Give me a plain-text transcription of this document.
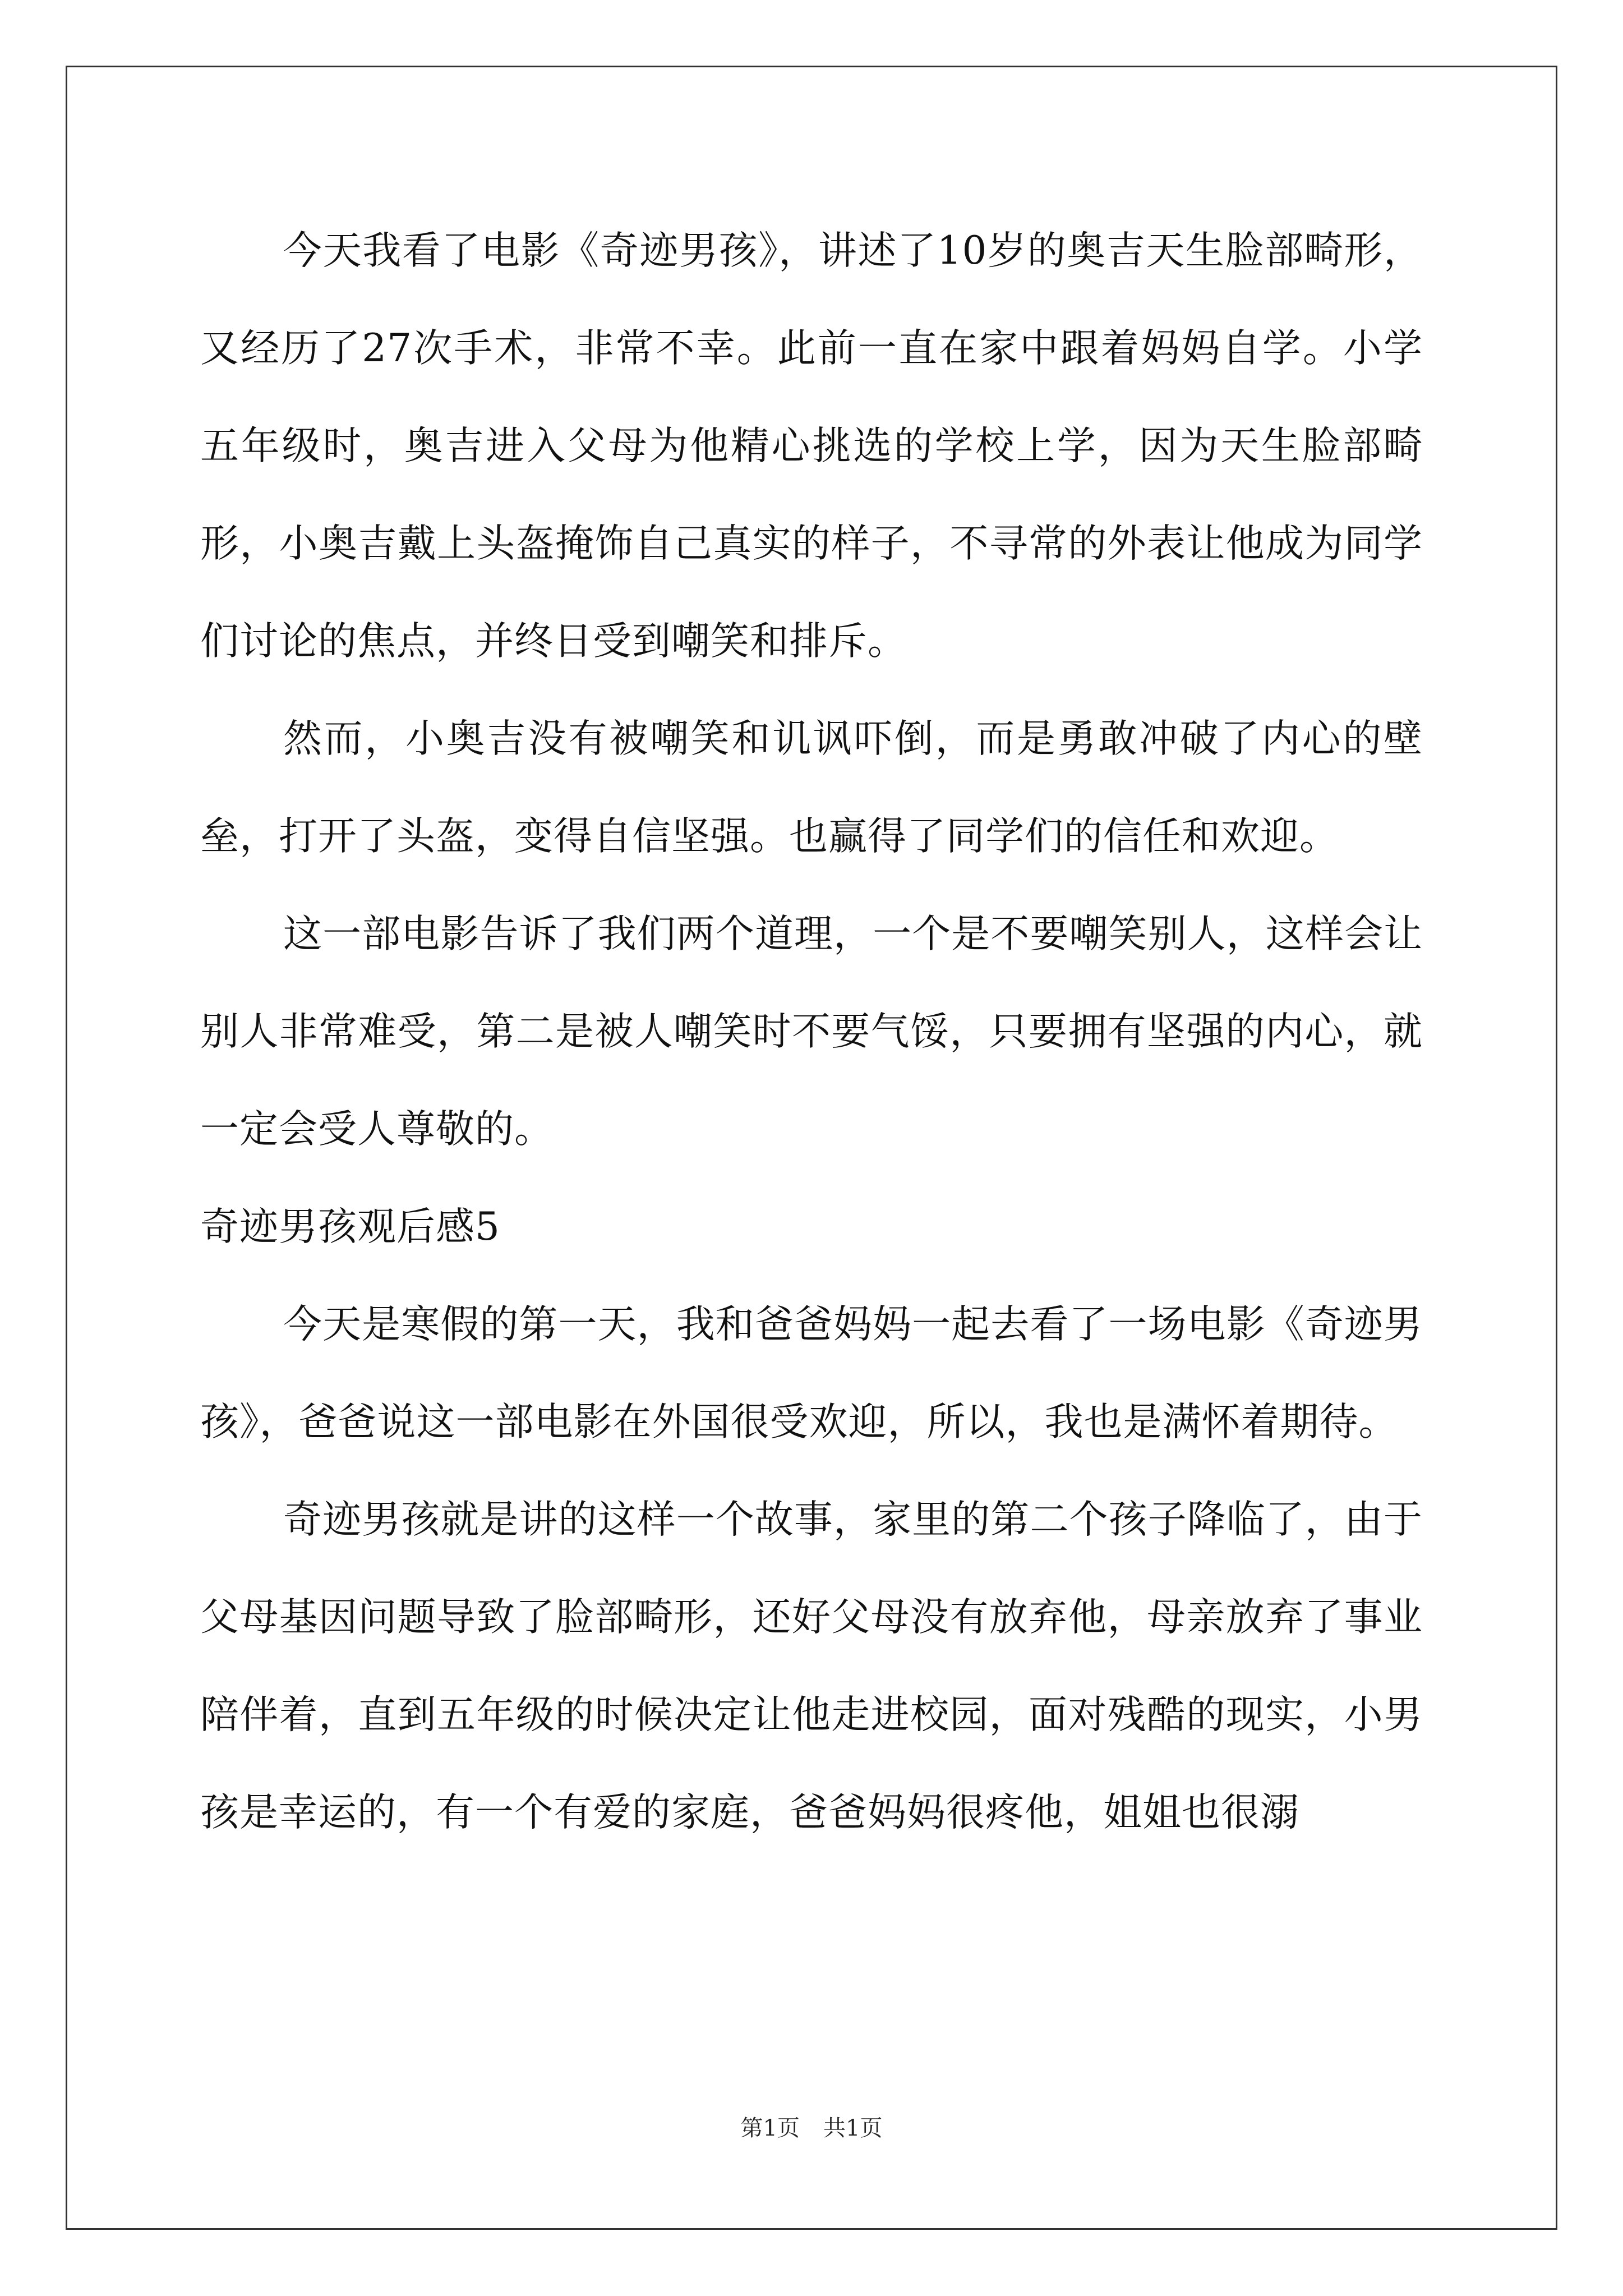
今天我看了电影《奇迹男孩》，讲述了10岁的奥吉天生脸部畸形，又经历了27次手术，非常不幸。此前一直在家中跟着妈妈自学。小学五年级时，奥吉进入父母为他精心挑选的学校上学，因为天生脸部畸形，小奥吉戴上头盔掩饰自己真实的样子，不寻常的外表让他成为同学们讨论的焦点，并终日受到嘲笑和排斥。

然而，小奥吉没有被嘲笑和讥讽吓倒，而是勇敢冲破了内心的壁垒，打开了头盔，变得自信坚强。也赢得了同学们的信任和欢迎。

这一部电影告诉了我们两个道理，一个是不要嘲笑别人，这样会让别人非常难受，第二是被人嘲笑时不要气馁，只要拥有坚强的内心，就一定会受人尊敬的。

奇迹男孩观后感5

今天是寒假的第一天，我和爸爸妈妈一起去看了一场电影《奇迹男孩》，爸爸说这一部电影在外国很受欢迎，所以，我也是满怀着期待。

奇迹男孩就是讲的这样一个故事，家里的第二个孩子降临了，由于父母基因问题导致了脸部畸形，还好父母没有放弃他，母亲放弃了事业陪伴着，直到五年级的时候决定让他走进校园，面对残酷的现实，小男孩是幸运的，有一个有爱的家庭，爸爸妈妈很疼他，姐姐也很溺

第1页 共1页
